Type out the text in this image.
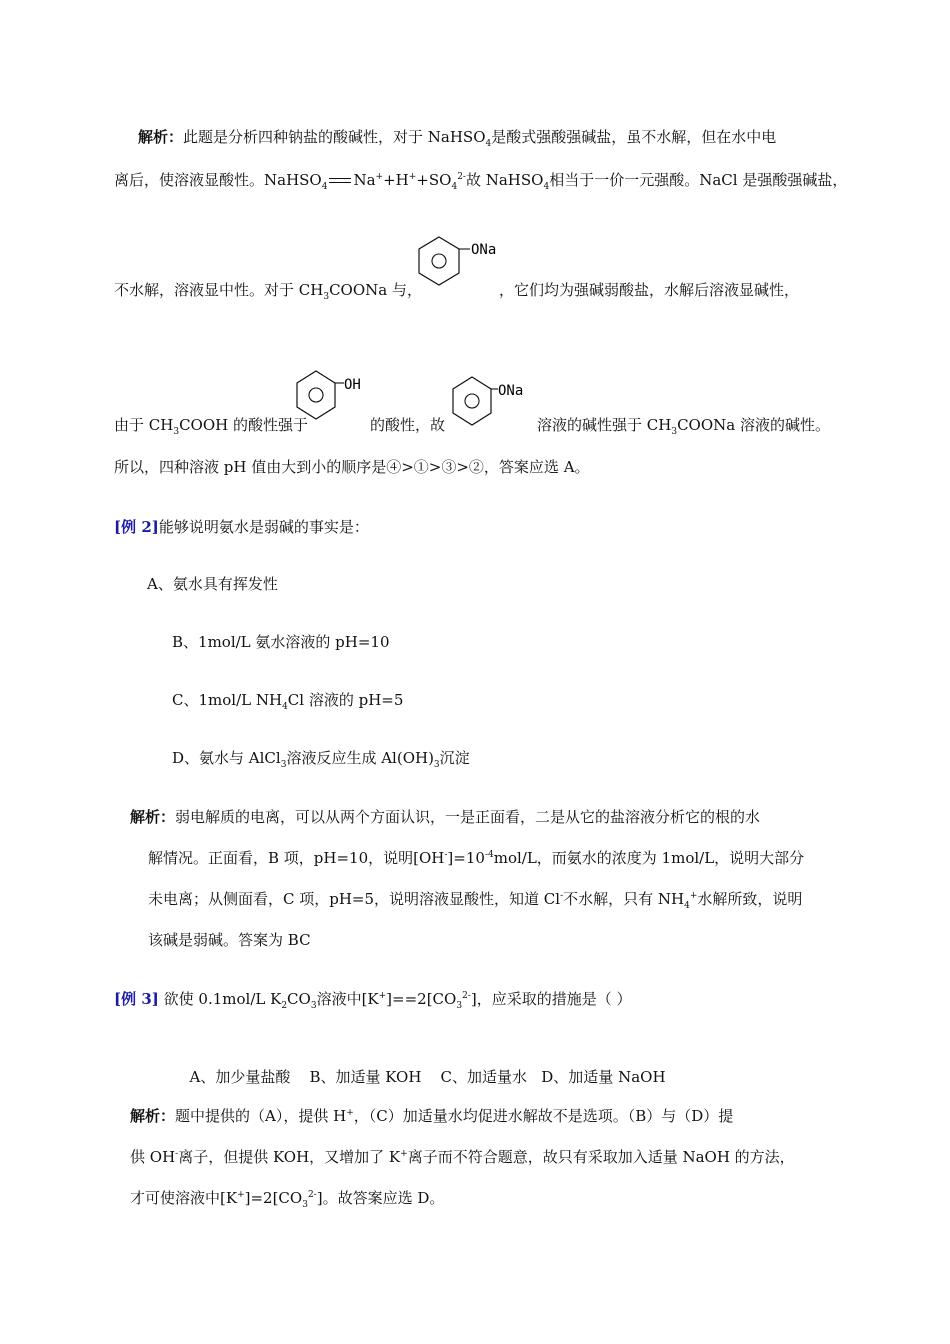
解析：此题是分析四种钠盐的酸碱性，对于 NaHSO$_4$是酸式强酸强碱盐，虽不水解，但在水中电
离后，使溶液显酸性。NaHSO$_4$ $Na^++H^++SO_4^{2-}$故 NaHSO$_4$相当于一价一元强酸。NaCl 是强酸强碱盐，
ONa
不水解，溶液显中性。对于 $CH_3COONa$ 与，	，它们均为强碱弱酸盐，水解后溶液显碱性，
OH	ONa
由于 $CH_3COOH$ 的酸性强于	的酸性，故	溶液的碱性强于 $CH_3COONa$ 溶液的碱性。
所以，四种溶液 pH 值由大到小的顺序是④>①>③>②，答案应选 A。
[例 2]能够说明氨水是弱碱的事实是：
A、氨水具有挥发性
B、1mol/L 氨水溶液的 pH=10
C、1mol/L $NH_4Cl$ 溶液的 pH=5
D、氨水与 AlCl$_3$溶液反应生成 $Al(OH)_3$沉淀
解析：弱电解质的电离，可以从两个方面认识，一是正面看，二是从它的盐溶液分析它的根的水
解情况。正面看，B 项，pH=10，说明$[OH^-]=10^{-4}mol/L$，而氨水的浓度为 1mol/L，说明大部分
未电离；从侧面看，C 项，pH=5，说明溶液显酸性，知道 Cl-不水解，只有 $NH_4^+$水解所致，说明
该碱是弱碱。答案为 BC
[例 3] 欲使 0.1mol/L $K_2CO_3$溶液中$[K^+]==2[CO_3^{2-}]$，应采取的措施是（ ）

A、加少量盐酸    B、加适量 KOH    C、加适量水   D、加适量 NaOH

解析：题中提供的（A），提供 H+，（C）加适量水均促进水解故不是选项。（B）与（D）提
供 OH-离子，但提供 KOH，又增加了 K+离子而不符合题意，故只有采取加入适量 NaOH 的方法，
才可使溶液中$[K^+]=2[CO_3^{2-}]$。故答案应选 D。
